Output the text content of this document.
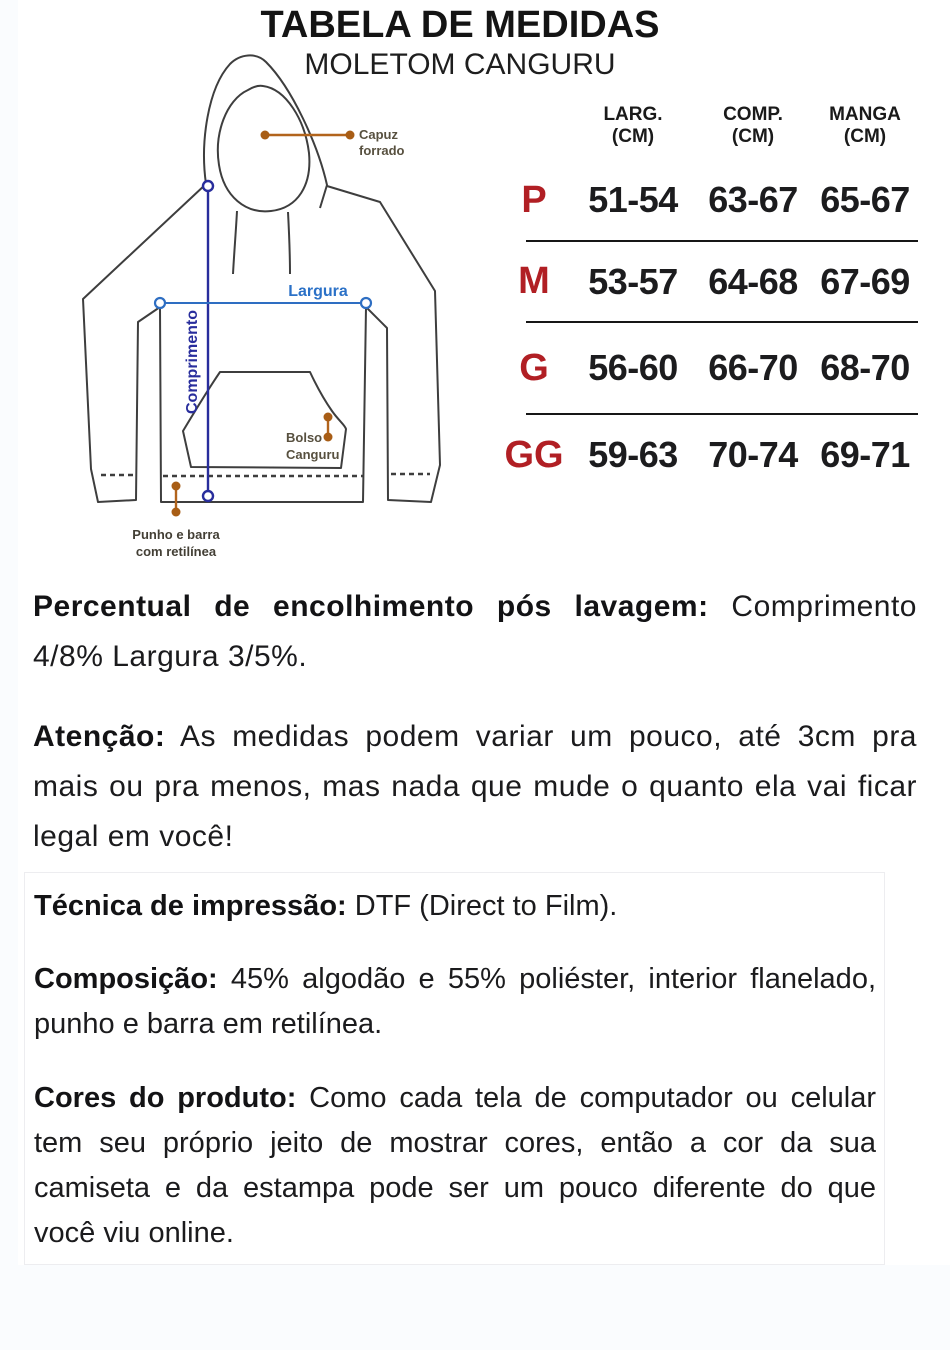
TABELA DE MEDIDAS
MOLETOM CANGURU
Comprimento
Largura
Capuz
forrado
Bolso
Canguru
Punho e barra
com retilínea
LARG.
(CM)
COMP.
(CM)
MANGA
(CM)
P	51-54 63-67 65-67
M	53-57 64-68 67-69
G	56-60 66-70 68-70
GG 59-63 70-74 69-71

Percentual de encolhimento pós lavagem: Comprimento 4/8% Largura 3/5%.

Atenção: As medidas podem variar um pouco, até 3cm pra mais ou pra menos, mas nada que mude o quanto ela vai ficar legal em você!

Técnica de impressão: DTF (Direct to Film).

Composição: 45% algodão e 55% poliéster, interior flanelado, punho e barra em retilínea.

Cores do produto: Como cada tela de computador ou celular tem seu próprio jeito de mostrar cores, então a cor da sua camiseta e da estampa pode ser um pouco diferente do que você viu online.
